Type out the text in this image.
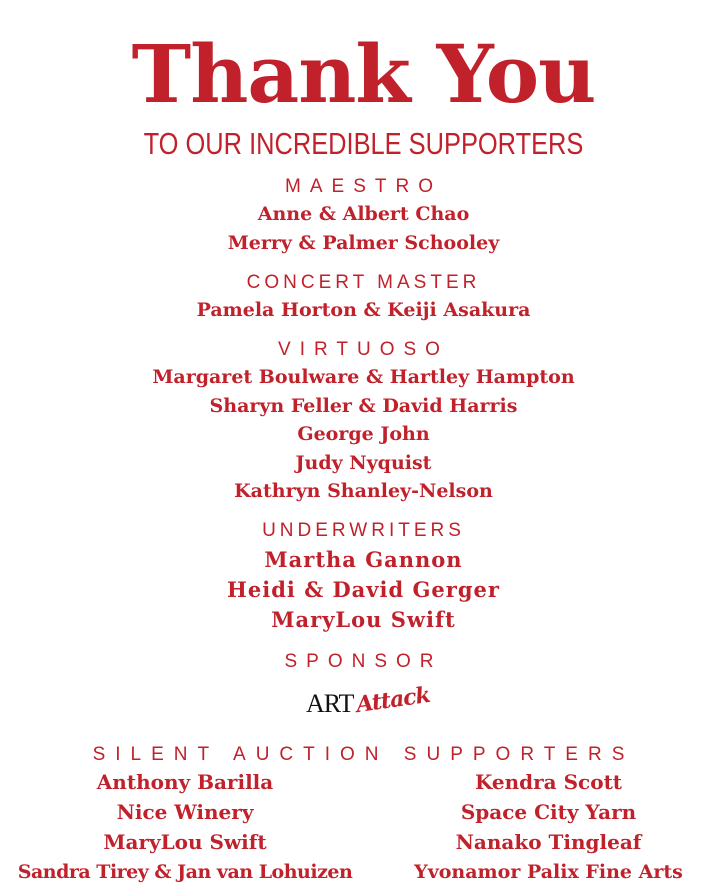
Thank You
TO OUR INCREDIBLE SUPPORTERS
MAESTRO
Anne & Albert Chao
Merry & Palmer Schooley
CONCERT MASTER
Pamela Horton & Keiji Asakura
VIRTUOSO
Margaret Boulware & Hartley Hampton
Sharyn Feller & David Harris
George John
Judy Nyquist
Kathryn Shanley-Nelson
UNDERWRITERS
Martha Gannon
Heidi & David Gerger
MaryLou Swift
SPONSOR
ART Attack
SILENT AUCTION SUPPORTERS
Anthony Barilla
Nice Winery
MaryLou Swift
Sandra Tirey & Jan van Lohuizen
Kendra Scott
Space City Yarn
Nanako Tingleaf
Yvonamor Palix Fine Arts
